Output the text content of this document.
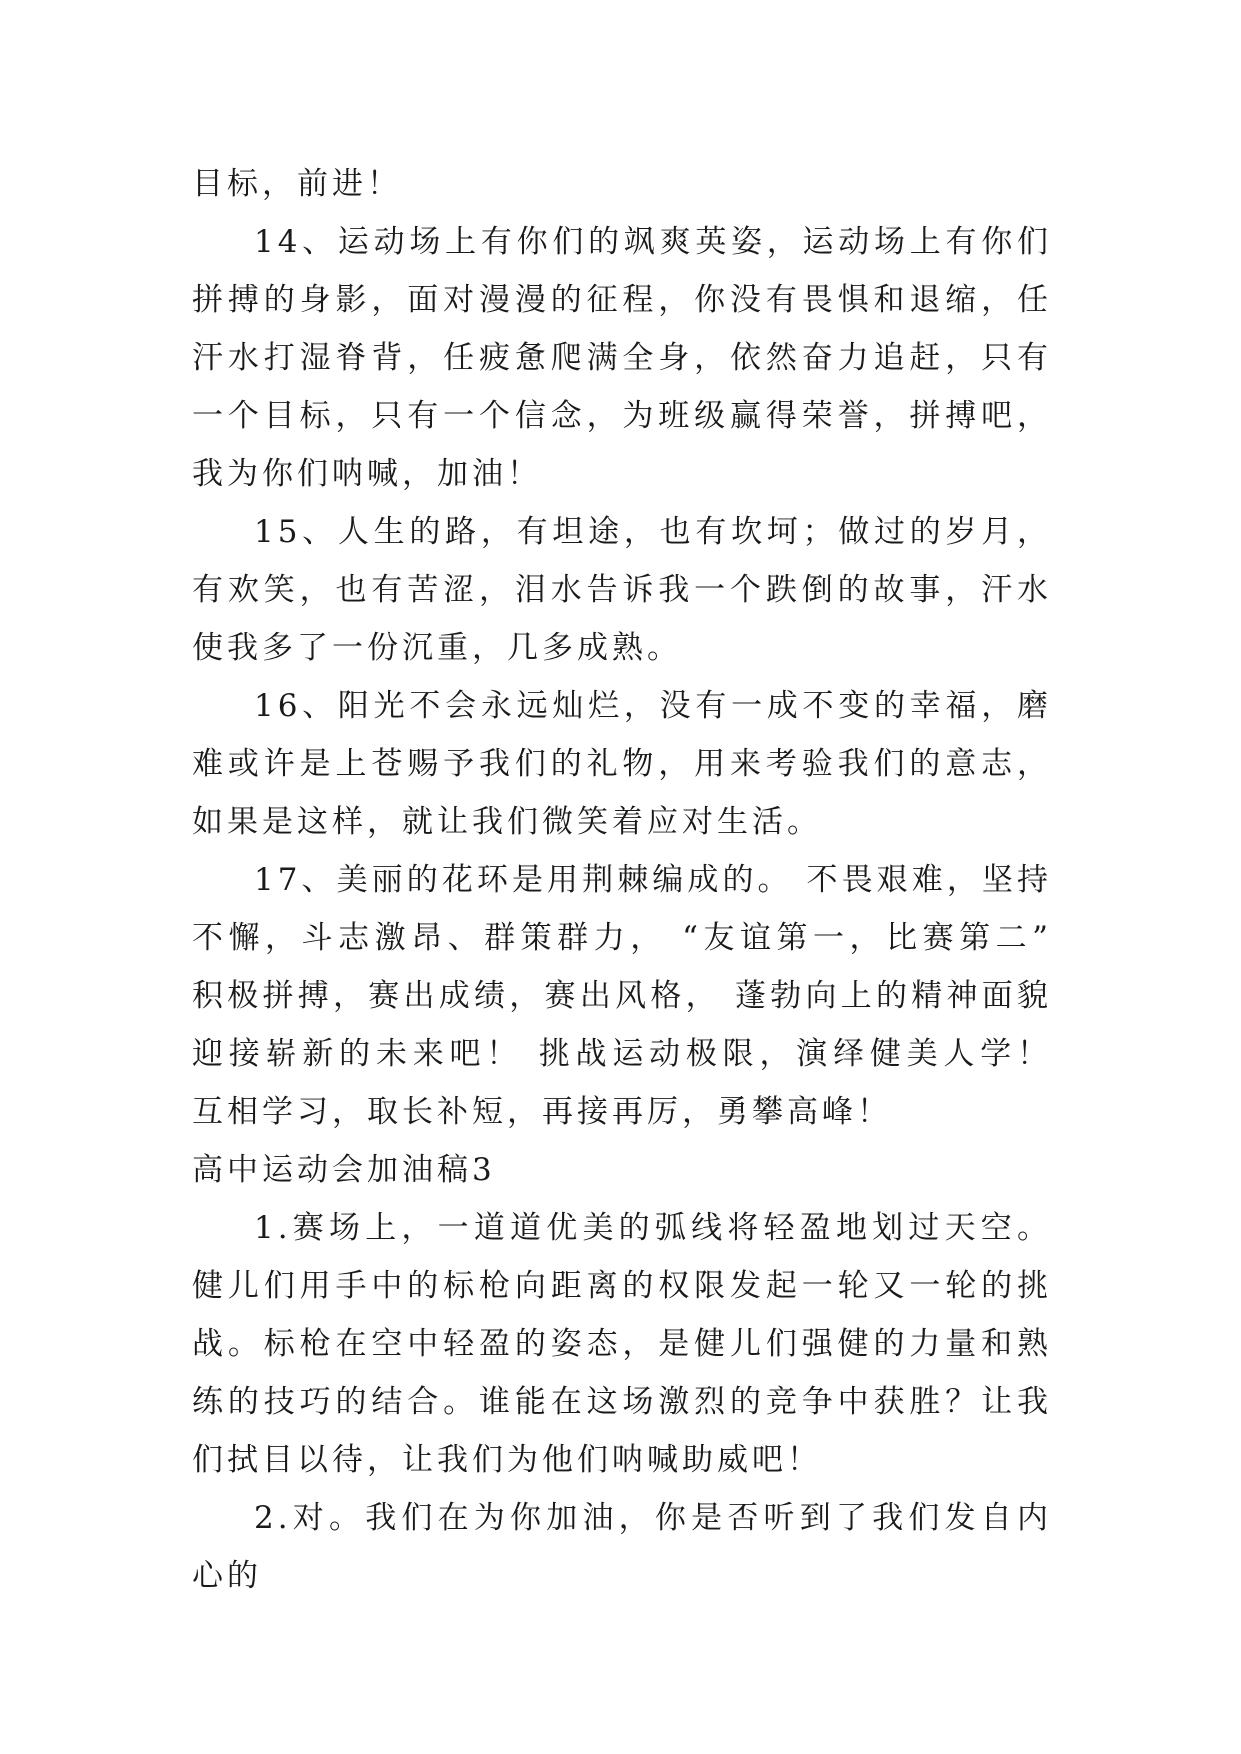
目标，前进！

14、运动场上有你们的飒爽英姿，运动场上有你们拼搏的身影，面对漫漫的征程，你没有畏惧和退缩，任汗水打湿脊背，任疲惫爬满全身，依然奋力追赶，只有一个目标，只有一个信念，为班级赢得荣誉，拼搏吧，我为你们呐喊，加油！

15、人生的路，有坦途，也有坎坷；做过的岁月，有欢笑，也有苦涩，泪水告诉我一个跌倒的故事，汗水使我多了一份沉重，几多成熟。

16、阳光不会永远灿烂，没有一成不变的幸福，磨难或许是上苍赐予我们的礼物，用来考验我们的意志，如果是这样，就让我们微笑着应对生活。

17、美丽的花环是用荆棘编成的。 不畏艰难，坚持不懈，斗志激昂、群策群力， “友谊第一，比赛第二” 积极拼搏，赛出成绩，赛出风格， 蓬勃向上的精神面貌 迎接崭新的未来吧！ 挑战运动极限，演绎健美人学！ 互相学习，取长补短，再接再厉，勇攀高峰！

高中运动会加油稿3

1.赛场上，一道道优美的弧线将轻盈地划过天空。健儿们用手中的标枪向距离的权限发起一轮又一轮的挑战。标枪在空中轻盈的姿态，是健儿们强健的力量和熟练的技巧的结合。谁能在这场激烈的竞争中获胜？让我们拭目以待，让我们为他们呐喊助威吧！

2.对。我们在为你加油，你是否听到了我们发自内心的
